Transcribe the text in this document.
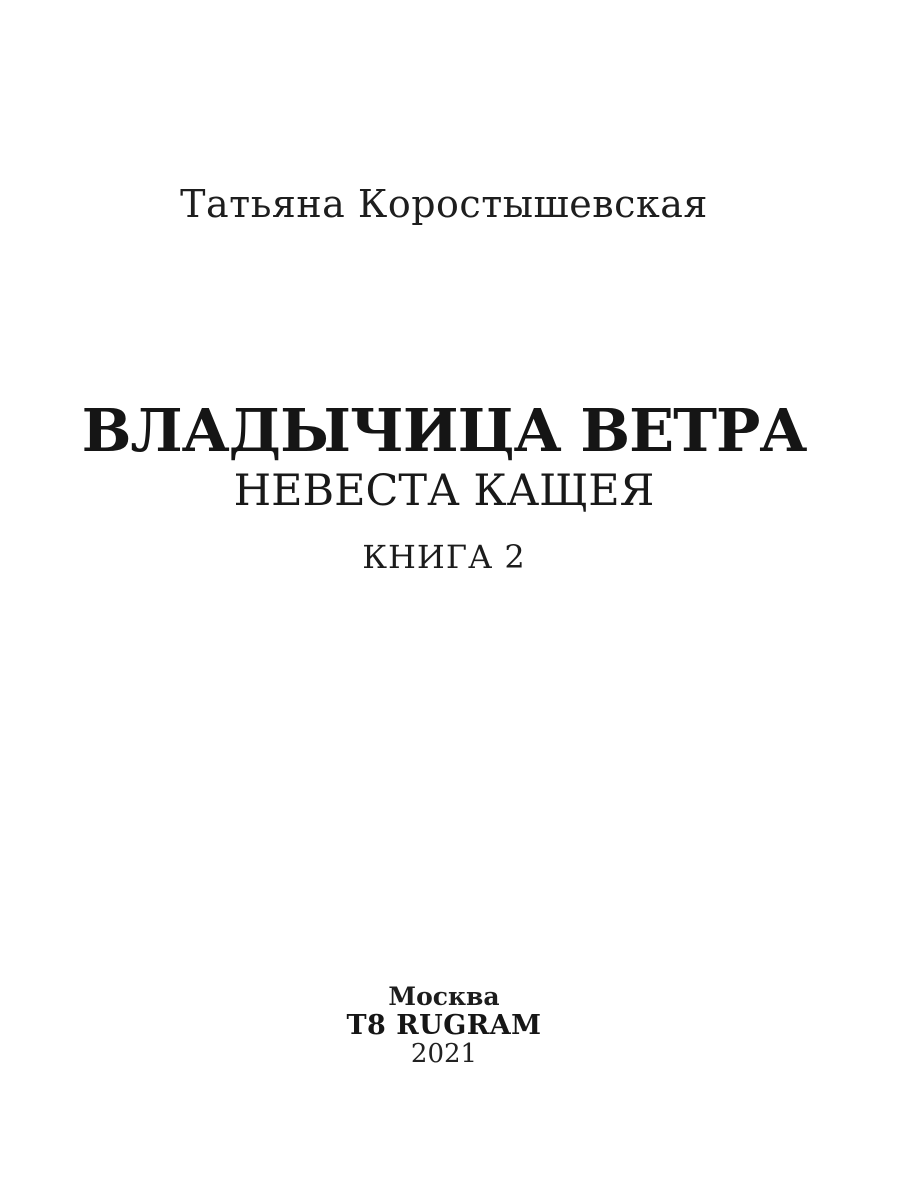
Татьяна Коростышевская
ВЛАДЫЧИЦА ВЕТРА
НЕВЕСТА КАЩЕЯ
КНИГА 2
Москва
Т8 RUGRAM
2021
